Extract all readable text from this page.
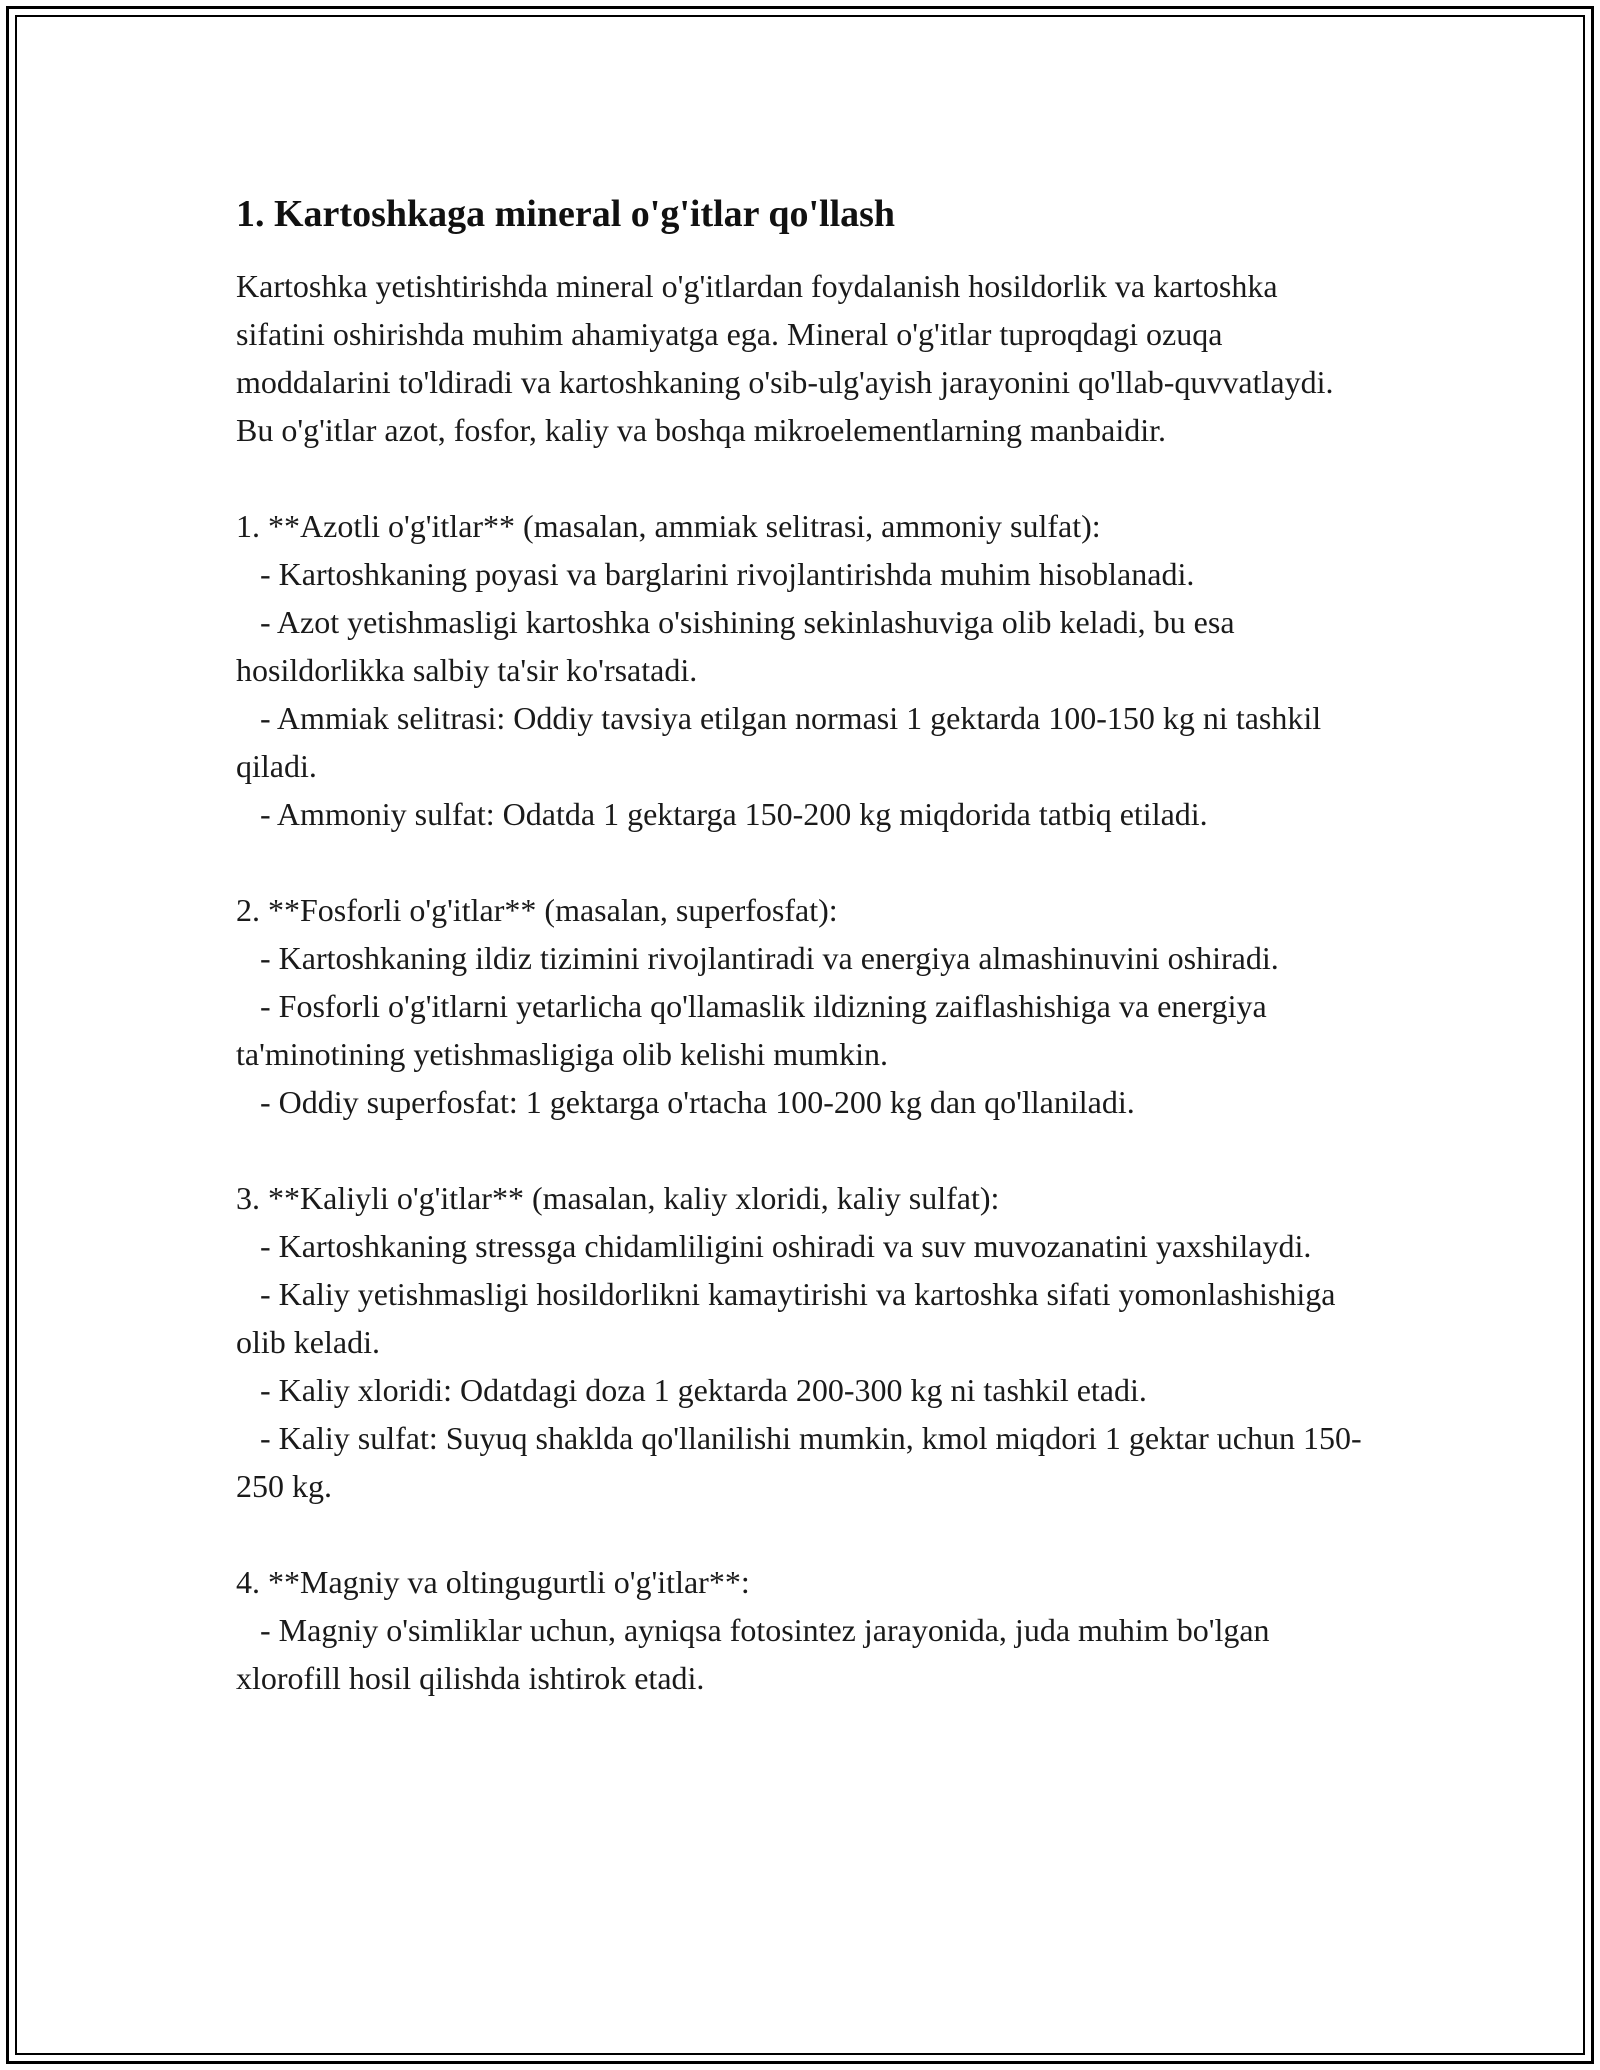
1. Kartoshkaga mineral o'g'itlar qo'llash

Kartoshka yetishtirishda mineral o'g'itlardan foydalanish hosildorlik va kartoshka sifatini oshirishda muhim ahamiyatga ega. Mineral o'g'itlar tuproqdagi ozuqa moddalarini to'ldiradi va kartoshkaning o'sib-ulg'ayish jarayonini qo'llab-quvvatlaydi. Bu o'g'itlar azot, fosfor, kaliy va boshqa mikroelementlarning manbaidir.

1. **Azotli o'g'itlar** (masalan, ammiak selitrasi, ammoniy sulfat):

- Kartoshkaning poyasi va barglarini rivojlantirishda muhim hisoblanadi.

- Azot yetishmasligi kartoshka o'sishining sekinlashuviga olib keladi, bu esa hosildorlikka salbiy ta'sir ko'rsatadi.

- Ammiak selitrasi: Oddiy tavsiya etilgan normasi 1 gektarda 100-150 kg ni tashkil qiladi.

- Ammoniy sulfat: Odatda 1 gektarga 150-200 kg miqdorida tatbiq etiladi.

2. **Fosforli o'g'itlar** (masalan, superfosfat):

- Kartoshkaning ildiz tizimini rivojlantiradi va energiya almashinuvini oshiradi.

- Fosforli o'g'itlarni yetarlicha qo'llamaslik ildizning zaiflashishiga va energiya ta'minotining yetishmasligiga olib kelishi mumkin.

- Oddiy superfosfat: 1 gektarga o'rtacha 100-200 kg dan qo'llaniladi.

3. **Kaliyli o'g'itlar** (masalan, kaliy xloridi, kaliy sulfat):

- Kartoshkaning stressga chidamliligini oshiradi va suv muvozanatini yaxshilaydi.

- Kaliy yetishmasligi hosildorlikni kamaytirishi va kartoshka sifati yomonlashishiga olib keladi.

- Kaliy xloridi: Odatdagi doza 1 gektarda 200-300 kg ni tashkil etadi.

- Kaliy sulfat: Suyuq shaklda qo'llanilishi mumkin, kmol miqdori 1 gektar uchun 150-250 kg.

4. **Magniy va oltingugurtli o'g'itlar**:

- Magniy o'simliklar uchun, ayniqsa fotosintez jarayonida, juda muhim bo'lgan xlorofill hosil qilishda ishtirok etadi.
